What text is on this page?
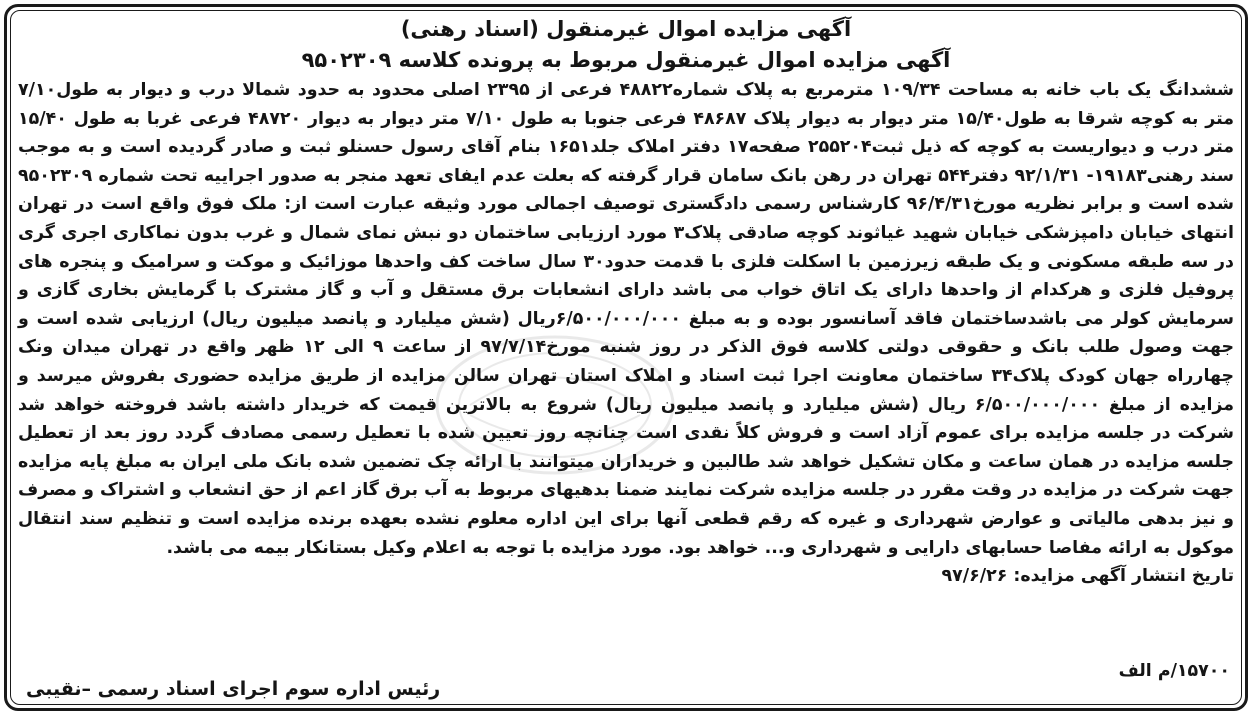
آگهی مزایده اموال غیرمنقول (اسناد رهنی)
آگهی مزایده اموال غیرمنقول مربوط به پرونده کلاسه ۹۵۰۲۳۰۹

ششدانگ یک باب خانه به مساحت ۱۰۹/۳۴ مترمربع به پلاک شماره۴۸۸۲۲ فرعی از ۲۳۹۵ اصلی محدود به حدود شمالا درب و دیوار به طول۷/۱۰ متر به کوچه شرقا به طول۱۵/۴۰ متر دیوار به دیوار پلاک ۴۸۶۸۷ فرعی جنوبا به طول ۷/۱۰ متر دیوار به دیوار ۴۸۷۲۰ فرعی غربا به طول ۱۵/۴۰ متر درب و دیواریست به کوچه که ذیل ثبت۲۵۵۲۰۴ صفحه۱۷ دفتر املاک جلد۱۶۵۱ بنام آقای رسول حسنلو ثبت و صادر گردیده است و به موجب سند رهنی۱۹۱۸۳- ۹۲/۱/۳۱ دفتر۵۴۴ تهران در رهن بانک سامان قرار گرفته که بعلت عدم ایفای تعهد منجر به صدور اجراییه تحت شماره ۹۵۰۲۳۰۹ شده است و برابر نظریه مورخ۹۶/۴/۳۱ کارشناس رسمی دادگستری توصیف اجمالی مورد وثیقه عبارت است از: ملک فوق واقع است در تهران انتهای خیابان دامپزشکی خیابان شهید غیاثوند کوچه صادقی پلاک۳ مورد ارزیابی ساختمان دو نبش نمای شمال و غرب بدون نماکاری اجری گری در سه طبقه مسکونی و یک طبقه زیرزمین با اسکلت فلزی با قدمت حدود۳۰ سال ساخت کف واحدها موزائیک و موکت و سرامیک و پنجره های پروفیل فلزی و هرکدام از واحدها دارای یک اتاق خواب می باشد دارای انشعابات برق مستقل و آب و گاز مشترک با گرمایش بخاری گازی و سرمایش کولر می باشدساختمان فاقد آسانسور بوده و به مبلغ ۶/۵۰۰/۰۰۰/۰۰۰ریال (شش میلیارد و پانصد میلیون ریال) ارزیابی شده است و جهت وصول طلب بانک و حقوقی دولتی کلاسه فوق الذکر در روز شنبه مورخ۹۷/۷/۱۴ از ساعت ۹ الی ۱۲ ظهر واقع در تهران میدان ونک چهارراه جهان کودک پلاک۳۴ ساختمان معاونت اجرا ثبت اسناد و املاک استان تهران سالن مزایده از طریق مزایده حضوری بفروش میرسد و مزایده از مبلغ ۶/۵۰۰/۰۰۰/۰۰۰ ریال (شش میلیارد و پانصد میلیون ریال) شروع به بالاترین قیمت که خریدار داشته باشد فروخته خواهد شد شرکت در جلسه مزایده برای عموم آزاد است و فروش کلاً نقدی است چنانچه روز تعیین شده با تعطیل رسمی مصادف گردد روز بعد از تعطیل جلسه مزایده در همان ساعت و مکان تشکیل خواهد شد طالبین و خریداران میتوانند با ارائه چک تضمین شده بانک ملی ایران به مبلغ پایه مزایده جهت شرکت در مزایده در وقت مقرر در جلسه مزایده شرکت نمایند ضمنا بدهیهای مربوط به آب برق گاز اعم از حق انشعاب و اشتراک و مصرف و نیز بدهی مالیاتی و عوارض شهرداری و غیره که رقم قطعی آنها برای این اداره معلوم نشده بعهده برنده مزایده است و تنظیم سند انتقال موکول به ارائه مفاصا حسابهای دارایی و شهرداری و... خواهد بود. مورد مزایده با توجه به اعلام وکیل بستانکار بیمه می باشد.

تاریخ انتشار آگهی مزایده: ۹۷/۶/۲۶

۱۵۷۰۰/م الف
رئیس اداره سوم اجرای اسناد رسمی –نقیبی
